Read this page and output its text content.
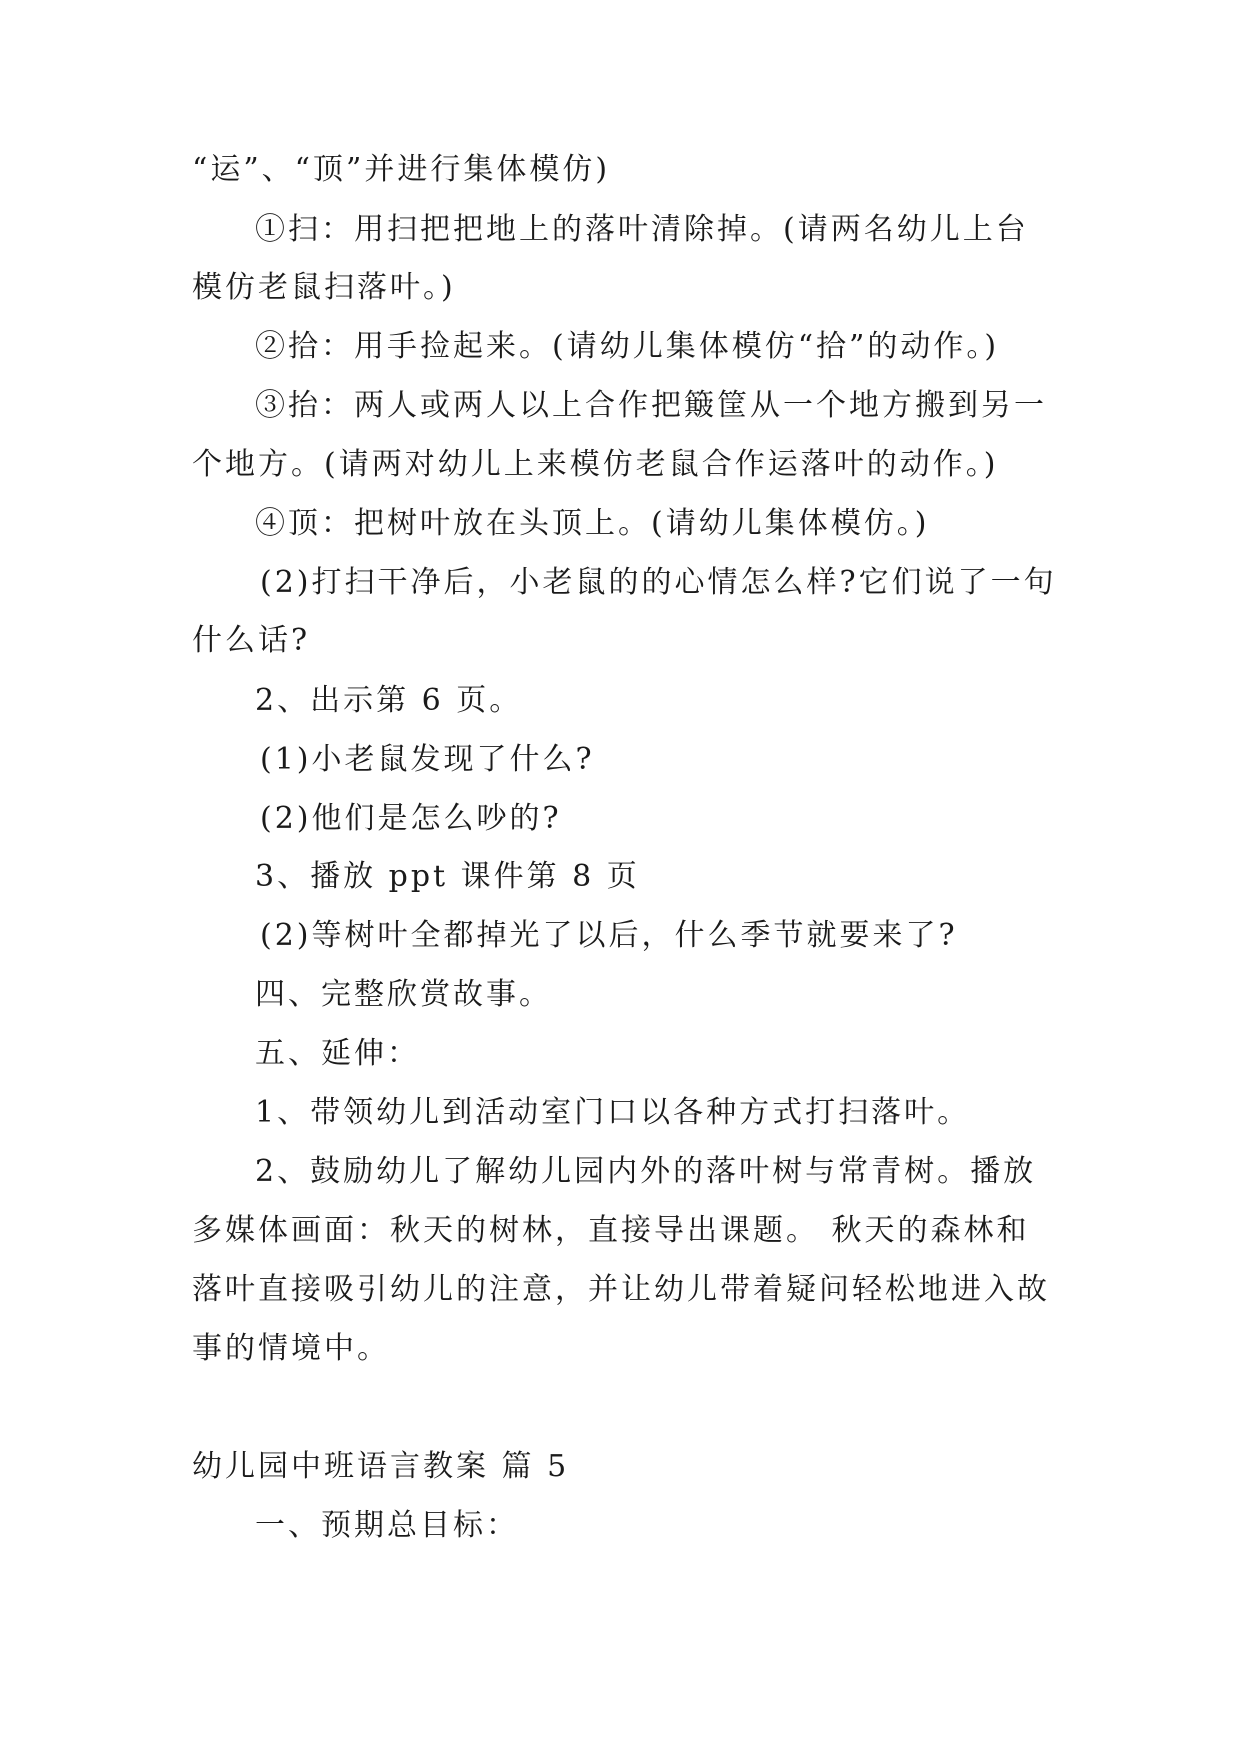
“运”、“顶”并进行集体模仿)
①扫：用扫把把地上的落叶清除掉。(请两名幼儿上台
模仿老鼠扫落叶。)
②拾：用手捡起来。(请幼儿集体模仿“拾”的动作。)
③抬：两人或两人以上合作把簸筐从一个地方搬到另一
个地方。(请两对幼儿上来模仿老鼠合作运落叶的动作。)
④顶：把树叶放在头顶上。(请幼儿集体模仿。)
(2)打扫干净后，小老鼠的的心情怎么样?它们说了一句
什么话?
2、出示第 6 页。
(1)小老鼠发现了什么?
(2)他们是怎么吵的?
3、播放 ppt 课件第 8 页
(2)等树叶全都掉光了以后，什么季节就要来了?
四、完整欣赏故事。
五、延伸：
1、带领幼儿到活动室门口以各种方式打扫落叶。
2、鼓励幼儿了解幼儿园内外的落叶树与常青树。播放
多媒体画面：秋天的树林，直接导出课题。 秋天的森林和
落叶直接吸引幼儿的注意，并让幼儿带着疑问轻松地进入故
事的情境中。
幼儿园中班语言教案 篇 5
一、预期总目标：
